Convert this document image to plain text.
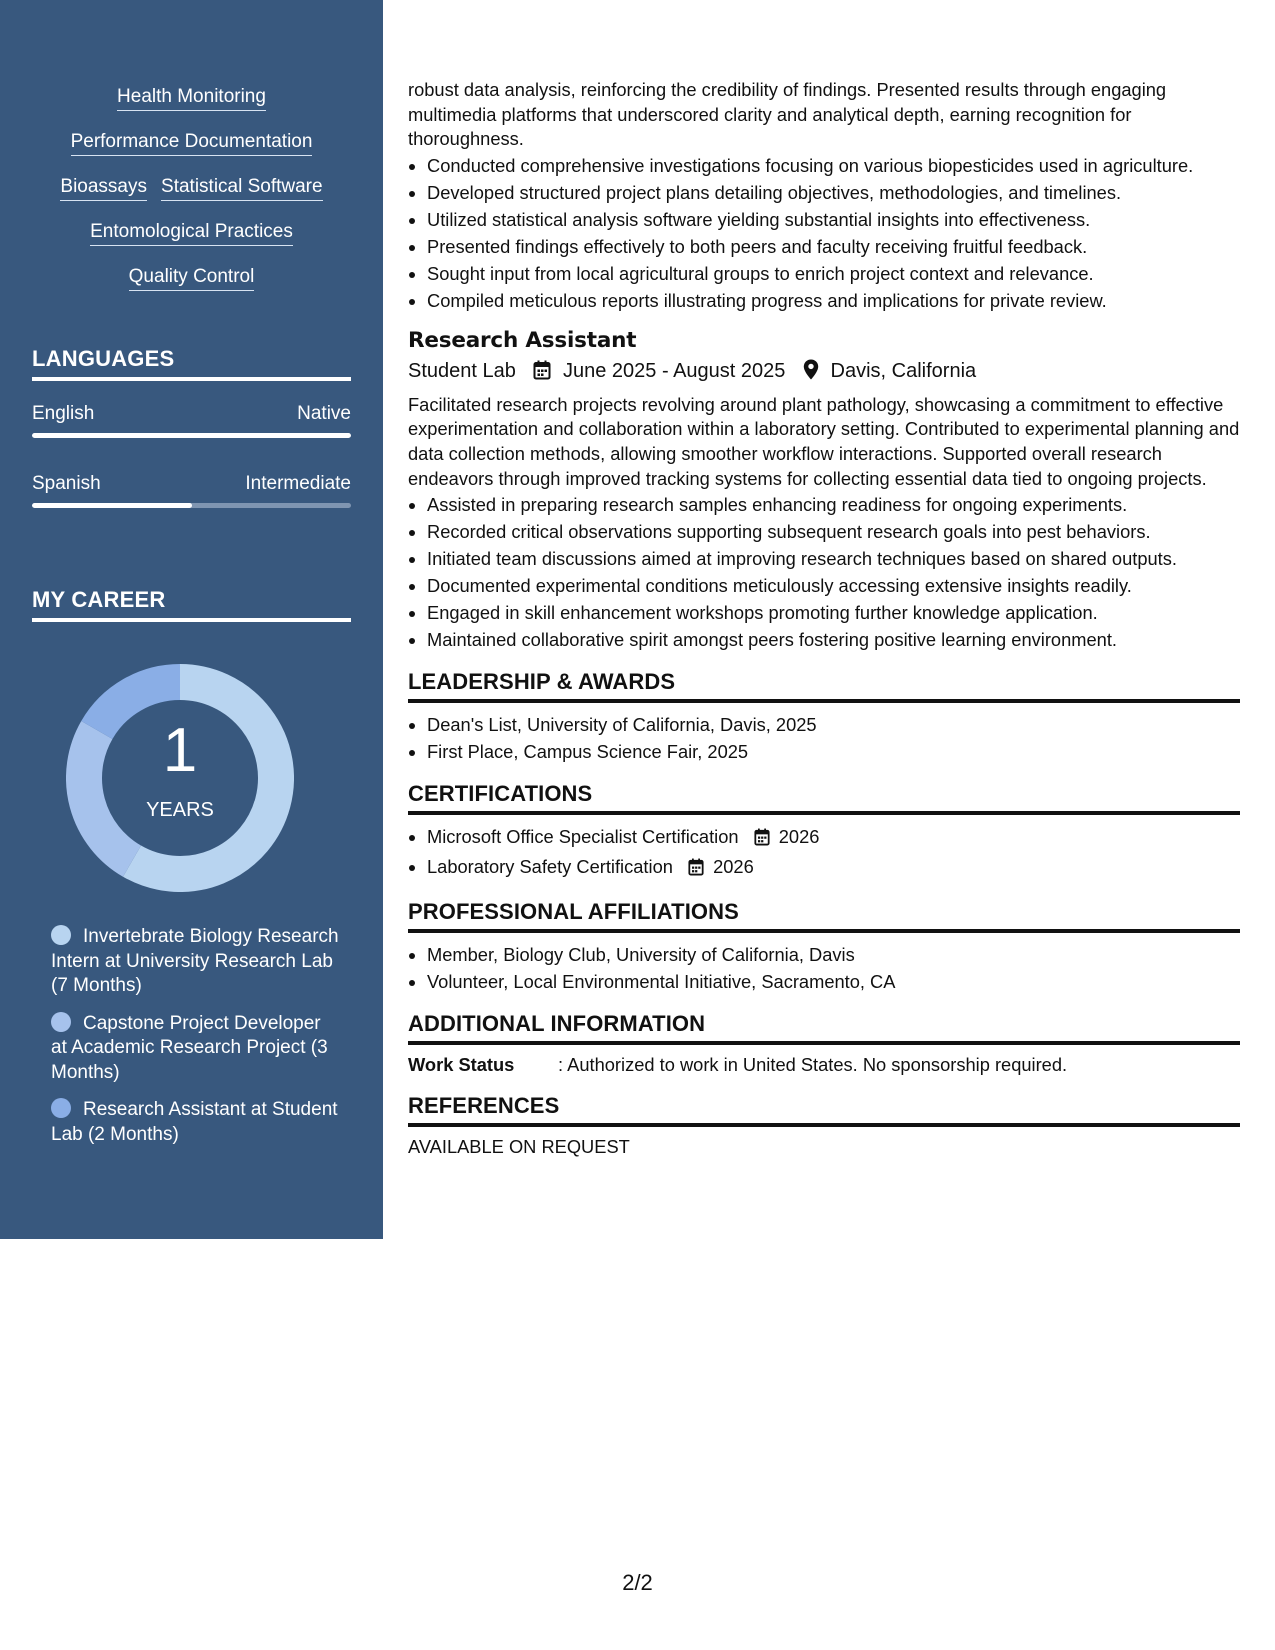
Health Monitoring
Performance Documentation
Bioassays Statistical Software
Entomological Practices
Quality Control
LANGUAGES
English	Native
Spanish	Intermediate
MY CAREER
1
YEARS
Invertebrate Biology Research Intern at University Research Lab (7 Months)
Capstone Project Developer at Academic Research Project (3 Months)
Research Assistant at Student Lab (2 Months)

robust data analysis, reinforcing the credibility of findings. Presented results through engaging multimedia platforms that underscored clarity and analytical depth, earning recognition for thoroughness.

• Conducted comprehensive investigations focusing on various biopesticides used in agriculture.
• Developed structured project plans detailing objectives, methodologies, and timelines.
• Utilized statistical analysis software yielding substantial insights into effectiveness.
• Presented findings effectively to both peers and faculty receiving fruitful feedback.
• Sought input from local agricultural groups to enrich project context and relevance.
• Compiled meticulous reports illustrating progress and implications for private review.
Research Assistant
Student Lab June 2025 - August 2025 Davis, California

Facilitated research projects revolving around plant pathology, showcasing a commitment to effective experimentation and collaboration within a laboratory setting. Contributed to experimental planning and data collection methods, allowing smoother workflow interactions. Supported overall research endeavors through improved tracking systems for collecting essential data tied to ongoing projects.

• Assisted in preparing research samples enhancing readiness for ongoing experiments.
• Recorded critical observations supporting subsequent research goals into pest behaviors.
• Initiated team discussions aimed at improving research techniques based on shared outputs.
• Documented experimental conditions meticulously accessing extensive insights readily.
• Engaged in skill enhancement workshops promoting further knowledge application.
• Maintained collaborative spirit amongst peers fostering positive learning environment.
LEADERSHIP & AWARDS
• Dean's List, University of California, Davis, 2025
• First Place, Campus Science Fair, 2025
CERTIFICATIONS
• Microsoft Office Specialist Certification 2026
• Laboratory Safety Certification 2026
PROFESSIONAL AFFILIATIONS
• Member, Biology Club, University of California, Davis
• Volunteer, Local Environmental Initiative, Sacramento, CA
ADDITIONAL INFORMATION
Work Status : Authorized to work in United States. No sponsorship required.
REFERENCES
AVAILABLE ON REQUEST
2/2
